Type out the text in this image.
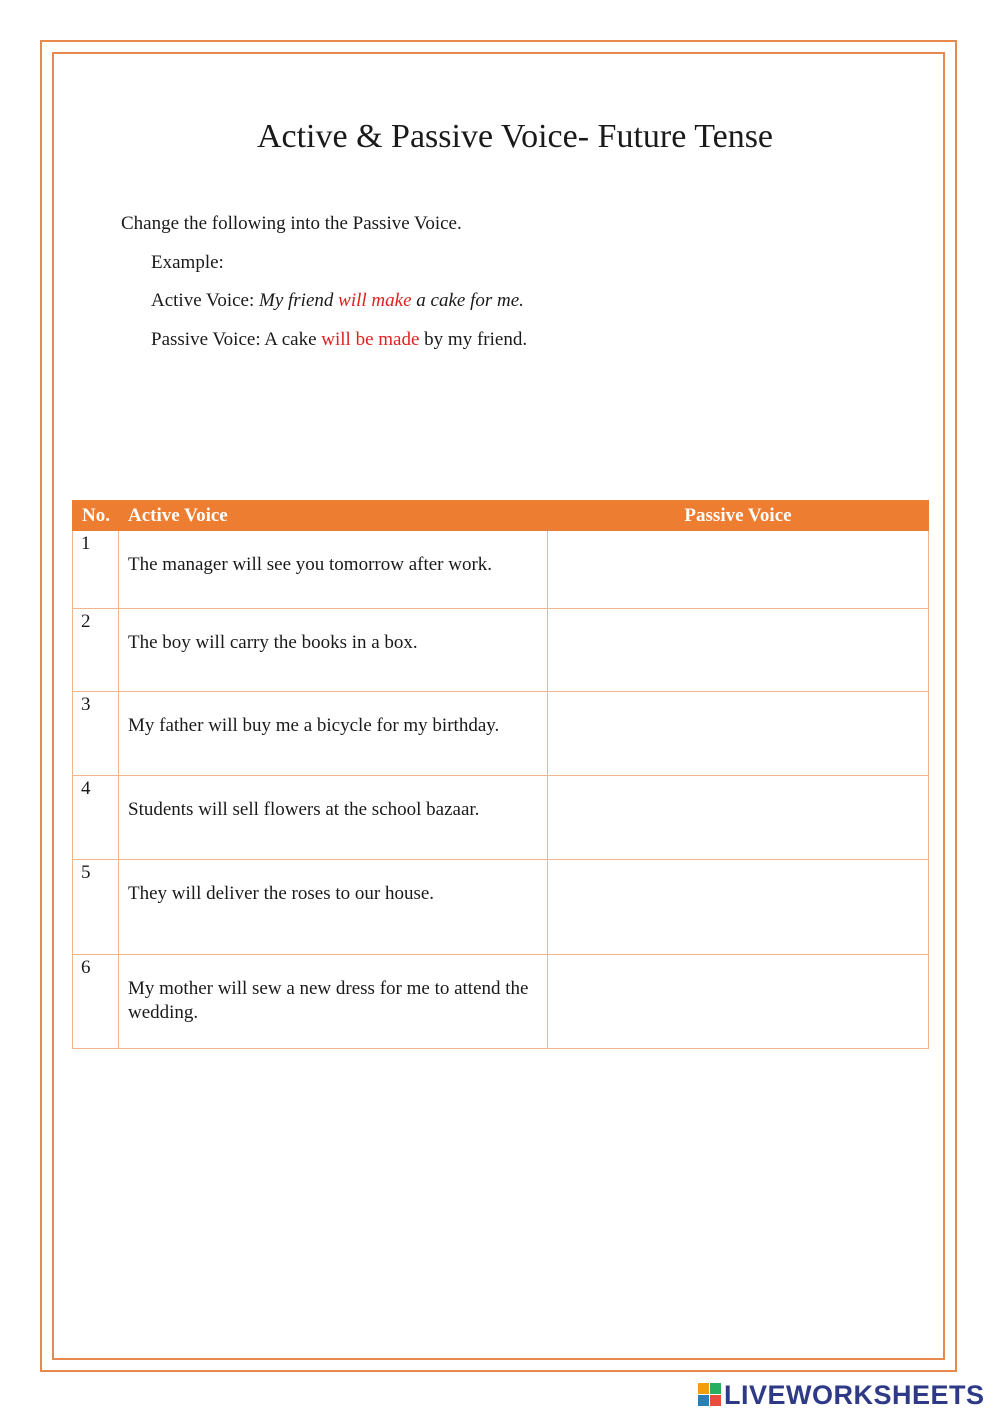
Active & Passive Voice- Future Tense
Change the following into the Passive Voice.
Example:
Active Voice: My friend will make a cake for me.
Passive Voice: A cake will be made by my friend.
No.	Active Voice	Passive Voice
1	The manager will see you tomorrow after work.	

2	The boy will carry the books in a box.	

3	My father will buy me a bicycle for my birthday.	

4	Students will sell flowers at the school bazaar.	

5	They will deliver the roses to our house.	

6	My mother will sew a new dress for me to attend the wedding.	

LIVEWORKSHEETS
